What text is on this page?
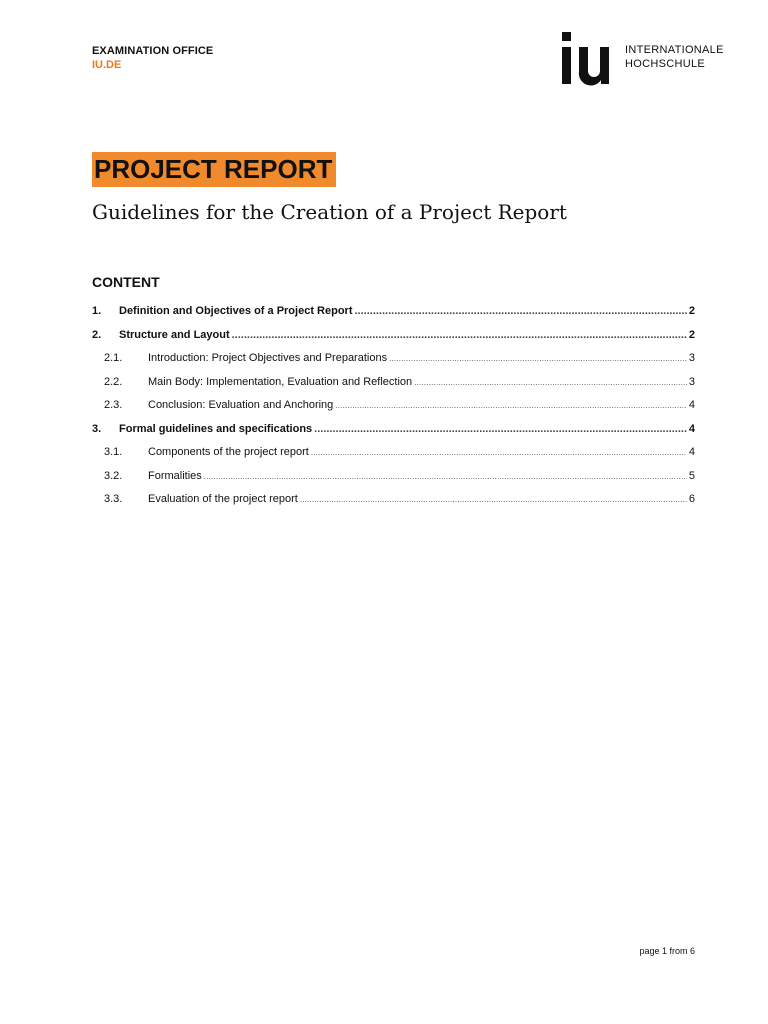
EXAMINATION OFFICE
IU.DE
INTERNATIONALE
HOCHSCHULE
PROJECT REPORT
Guidelines for the Creation of a Project Report
CONTENT
1.	Definition and Objectives of a Project Report .....	2
2.	Structure and Layout .....	2
2.1.	Introduction: Project Objectives and Preparations .....	3
2.2.	Main Body: Implementation, Evaluation and Reflection .....	3
2.3.	Conclusion: Evaluation and Anchoring .....	4
3.	Formal guidelines and specifications .....	4
3.1.	Components of the project report .....	4
3.2.	Formalities .....	5
3.3.	Evaluation of the project report .....	6
page 1 from 6
